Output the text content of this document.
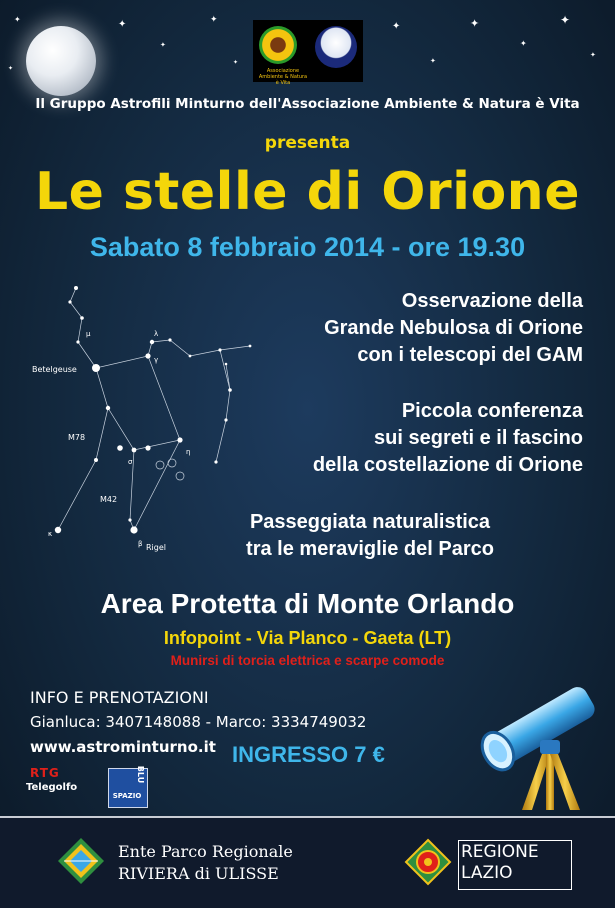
✦
✦
✦
✦
✦
✦
✦
✦
✦
✦
✦
✦	Associazione Ambiente & Natura è Vita
Il Gruppo Astrofili Minturno dell'Associazione Ambiente & Natura è Vita
presenta
Le stelle di Orione
Sabato 8 febbraio 2014 - ore 19.30
Betelgeuse
M78
M42
Rigel
μ	λ
γ
β
κ
σ
η
Osservazione della
Grande Nebulosa di Orione
con i telescopi del GAM
Piccola conferenza
sui segreti e il fascino
della costellazione di Orione
Passeggiata naturalistica
tra le meraviglie del Parco
Area Protetta di Monte Orlando
Infopoint - Via Planco - Gaeta (LT)
Munirsi di torcia elettrica e scarpe comode
INFO E PRENOTAZIONI
Gianluca: 3407148088 - Marco: 3334749032
www.astrominturno.it INGRESSO 7 €
RTG
Telegolfo
SPAZIO
BLU
Ente Parco Regionale
RIVIERA di ULISSE
REGIONE
LAZIO
